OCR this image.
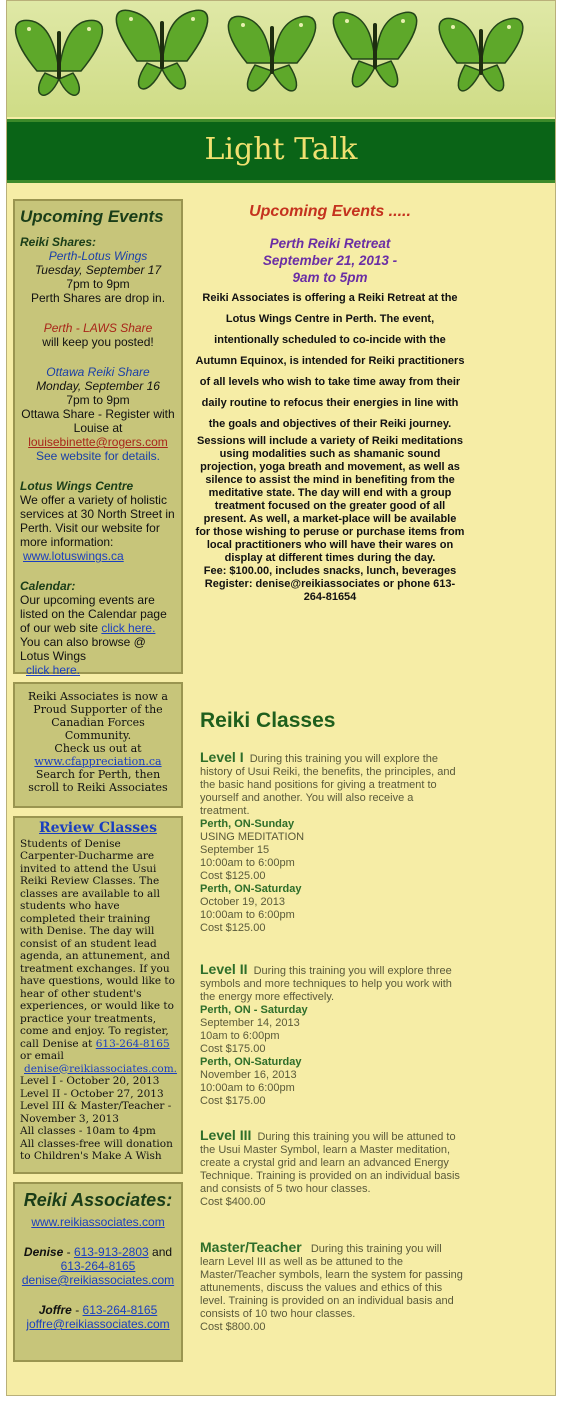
Light Talk
Upcoming Events
Reiki Shares:
Perth-Lotus Wings
Tuesday, September 17
7pm to 9pm
Perth Shares are drop in.
Perth - LAWS Share
will keep you posted!
Ottawa Reiki Share
Monday, September 16
7pm to 9pm
Ottawa Share - Register with Louise at
louisebinette@rogers.com
See website for details.
Lotus Wings Centre
We offer a variety of holistic services at 30 North Street in Perth. Visit our website for more information:
www.lotuswings.ca
Calendar:
Our upcoming events are listed on the Calendar page of our web site click here. You can also browse @ Lotus Wings
click here.
Reiki Associates is now a Proud Supporter of the Canadian Forces Community.
Check us out at
www.cfappreciation.ca
Search for Perth, then scroll to Reiki Associates
Review Classes
Students of Denise Carpenter-Ducharme are invited to attend the Usui Reiki Review Classes. The classes are available to all students who have completed their training with Denise. The day will consist of an student lead agenda, an attunement, and treatment exchanges. If you have questions, would like to hear of other student's experiences, or would like to practice your treatments, come and enjoy. To register, call Denise at 613-264-8165 or email
denise@reikiassociates.com.
Level I - October 20, 2013
Level II - October 27, 2013
Level III & Master/Teacher - November 3, 2013
All classes - 10am to 4pm
All classes-free will donation to Children's Make A Wish
Reiki Associates:
www.reikiassociates.com
Denise - 613-913-2803 and
613-264-8165
denise@reikiassociates.com
Joffre - 613-264-8165
joffre@reikiassociates.com
Upcoming Events .....
Perth Reiki Retreat
September 21, 2013 -
9am to 5pm
Reiki Associates is offering a Reiki Retreat at the Lotus Wings Centre in Perth. The event, intentionally scheduled to co-incide with the Autumn Equinox, is intended for Reiki practitioners of all levels who wish to take time away from their daily routine to refocus their energies in line with the goals and objectives of their Reiki journey.
Sessions will include a variety of Reiki meditations using modalities such as shamanic sound projection, yoga breath and movement, as well as silence to assist the mind in benefiting from the meditative state. The day will end with a group treatment focused on the greater good of all present. As well, a market-place will be available for those wishing to peruse or purchase items from local practitioners who will have their wares on display at different times during the day.
Fee: $100.00, includes snacks, lunch, beverages
Register: denise@reikiassociates or phone 613-264-81654
Reiki Classes
Level I During this training you will explore the history of Usui Reiki, the benefits, the principles, and the basic hand positions for giving a treatment to yourself and another. You will also receive a treatment.
Perth, ON-Sunday
USING MEDITATION
September 15
10:00am to 6:00pm
Cost $125.00
Perth, ON-Saturday
October 19, 2013
10:00am to 6:00pm
Cost $125.00
Level II During this training you will explore three symbols and more techniques to help you work with the energy more effectively.
Perth, ON - Saturday
September 14, 2013
10am to 6:00pm
Cost $175.00
Perth, ON-Saturday
November 16, 2013
10:00am to 6:00pm
Cost $175.00
Level III During this training you will be attuned to the Usui Master Symbol, learn a Master meditation, create a crystal grid and learn an advanced Energy Technique. Training is provided on an individual basis and consists of 5 two hour classes.
Cost $400.00
Master/Teacher During this training you will learn Level III as well as be attuned to the Master/Teacher symbols, learn the system for passing attunements, discuss the values and ethics of this level. Training is provided on an individual basis and consists of 10 two hour classes.
Cost $800.00
